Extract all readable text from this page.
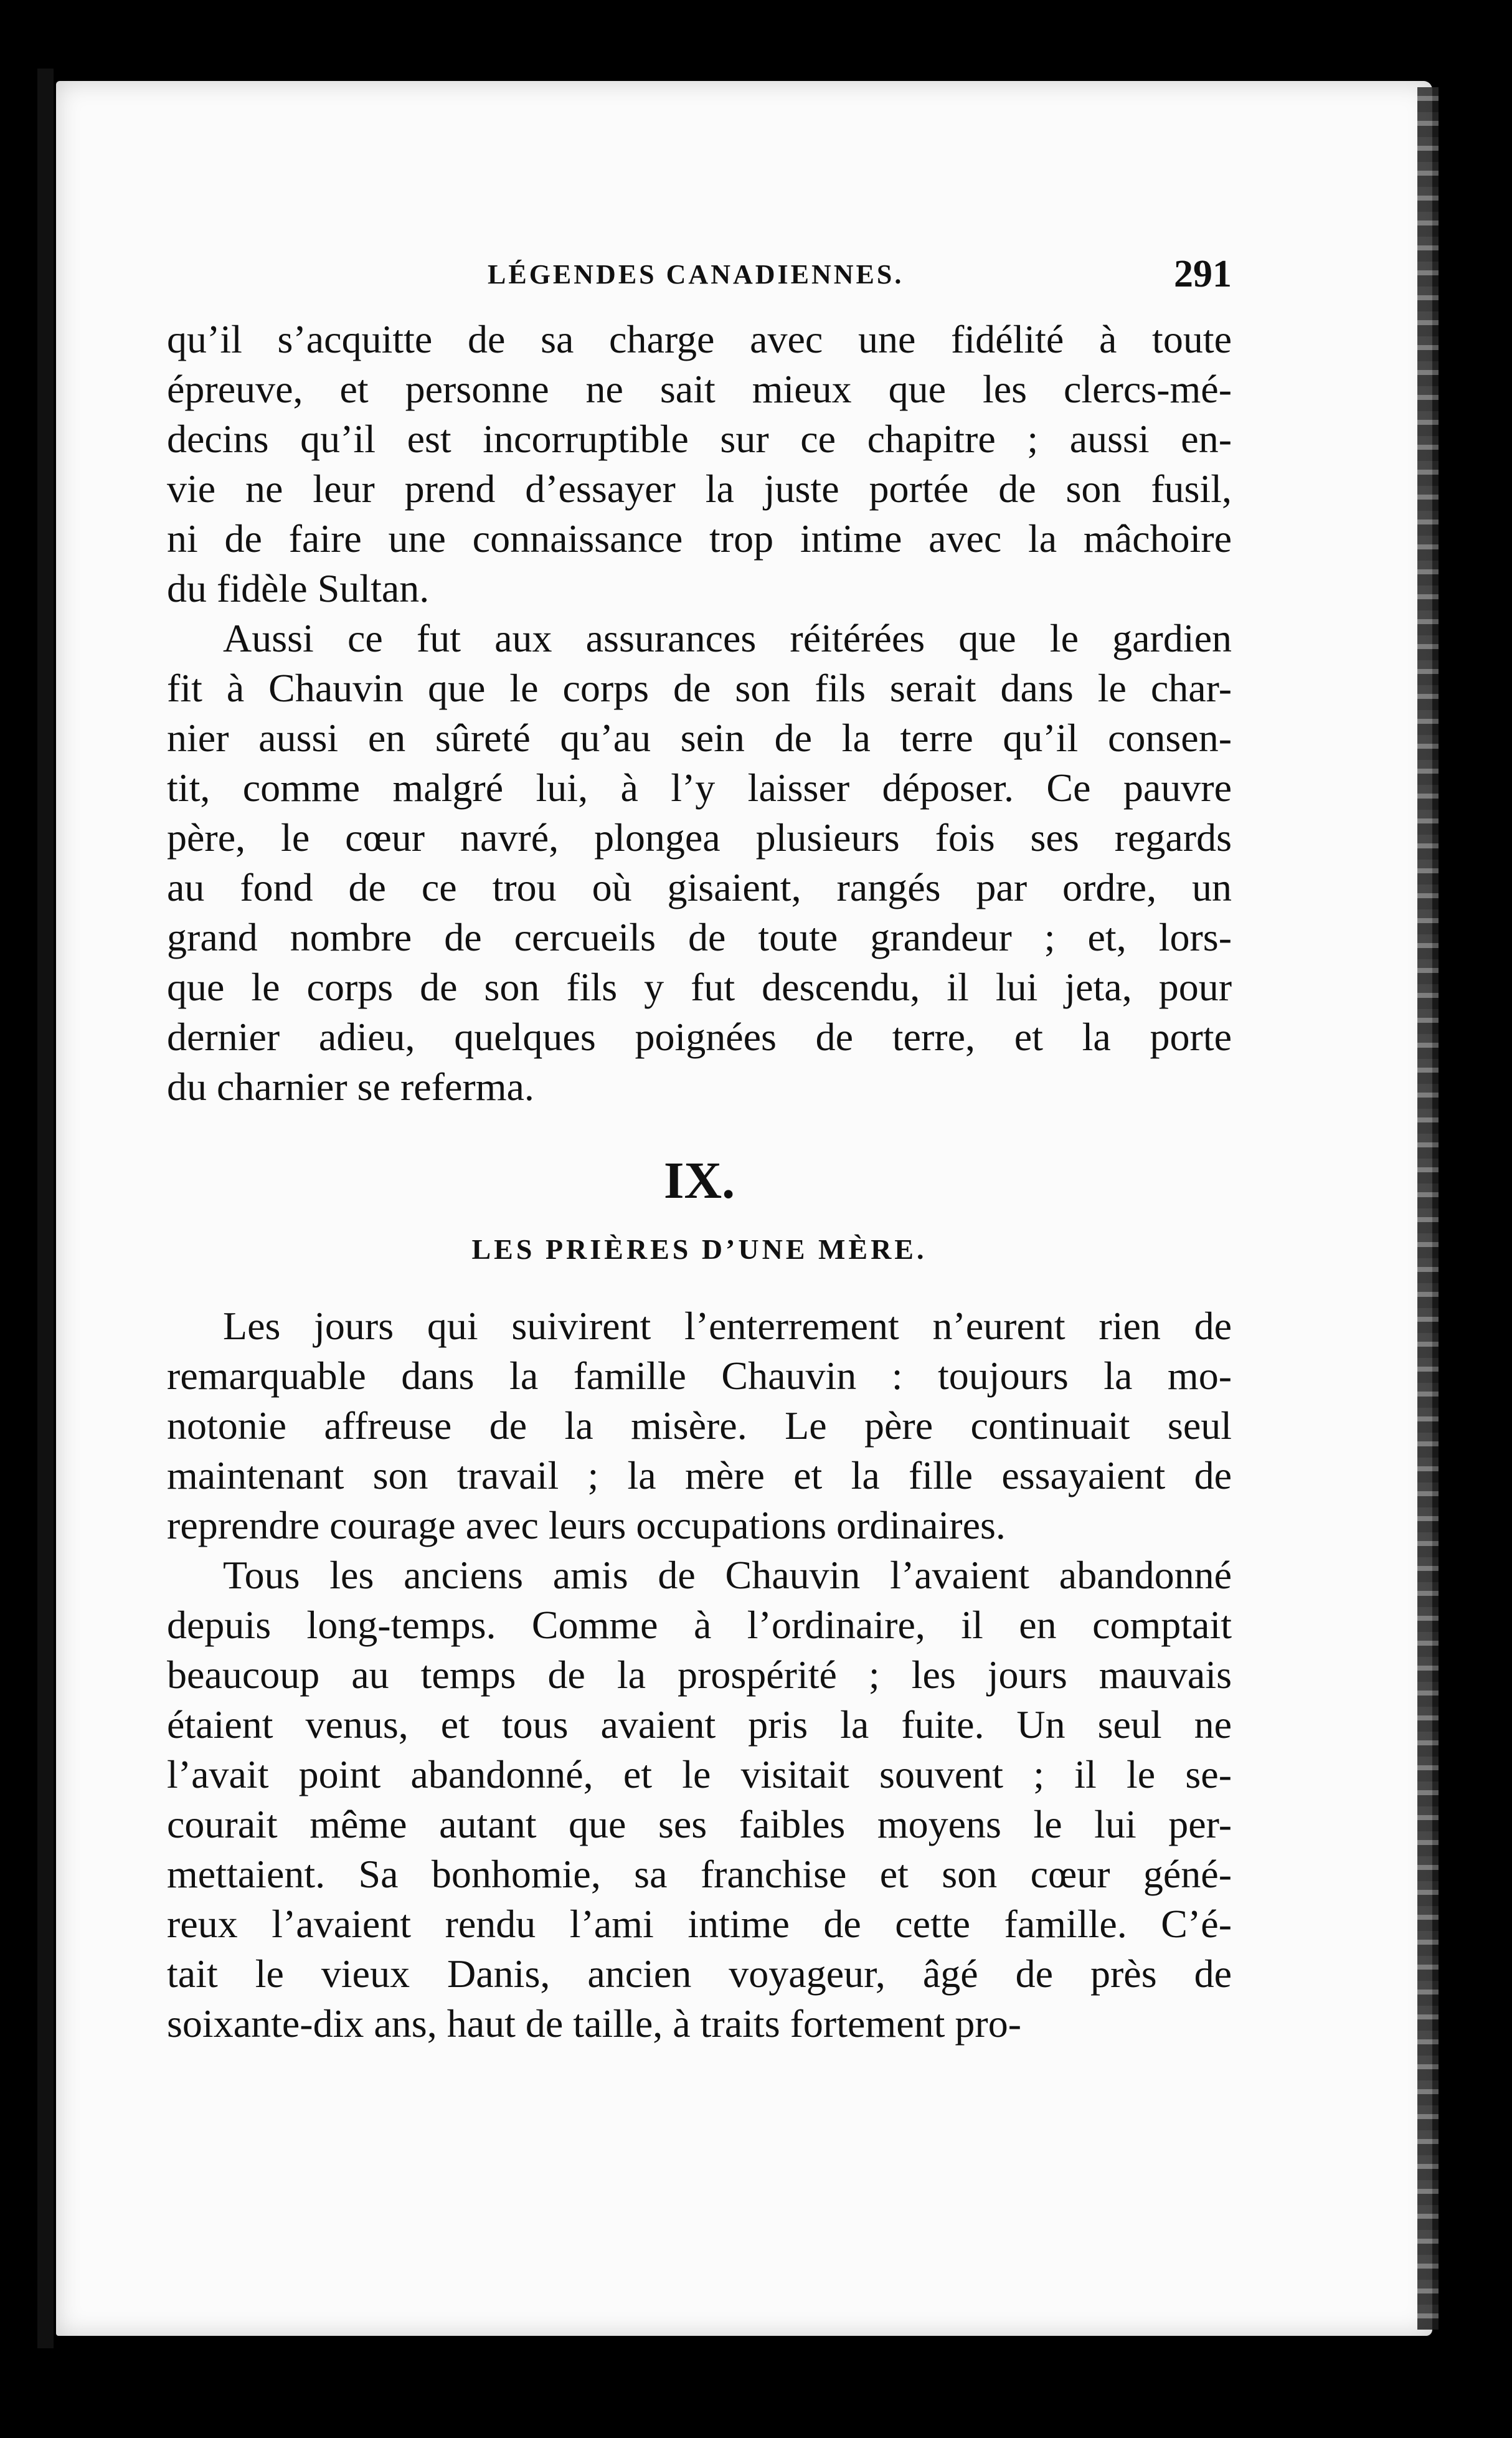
LÉGENDES CANADIENNES.	291

qu’il s’acquitte de sa charge avec une fidélité à toute
épreuve, et personne ne sait mieux que les clercs-mé-
decins qu’il est incorruptible sur ce chapitre ; aussi en-
vie ne leur prend d’essayer la juste portée de son fusil,
ni de faire une connaissance trop intime avec la mâchoire
du fidèle Sultan.

Aussi ce fut aux assurances réitérées que le gardien
fit à Chauvin que le corps de son fils serait dans le char-
nier aussi en sûreté qu’au sein de la terre qu’il consen-
tit, comme malgré lui, à l’y laisser déposer. Ce pauvre
père, le cœur navré, plongea plusieurs fois ses regards
au fond de ce trou où gisaient, rangés par ordre, un
grand nombre de cercueils de toute grandeur ; et, lors-
que le corps de son fils y fut descendu, il lui jeta, pour
dernier adieu, quelques poignées de terre, et la porte
du charnier se referma.

IX.
LES PRIÈRES D’UNE MÈRE.

Les jours qui suivirent l’enterrement n’eurent rien de
remarquable dans la famille Chauvin : toujours la mo-
notonie affreuse de la misère. Le père continuait seul
maintenant son travail ; la mère et la fille essayaient de
reprendre courage avec leurs occupations ordinaires.

Tous les anciens amis de Chauvin l’avaient abandonné
depuis long-temps. Comme à l’ordinaire, il en comptait
beaucoup au temps de la prospérité ; les jours mauvais
étaient venus, et tous avaient pris la fuite. Un seul ne
l’avait point abandonné, et le visitait souvent ; il le se-
courait même autant que ses faibles moyens le lui per-
mettaient. Sa bonhomie, sa franchise et son cœur géné-
reux l’avaient rendu l’ami intime de cette famille. C’é-
tait le vieux Danis, ancien voyageur, âgé de près de
soixante-dix ans, haut de taille, à traits fortement pro-
